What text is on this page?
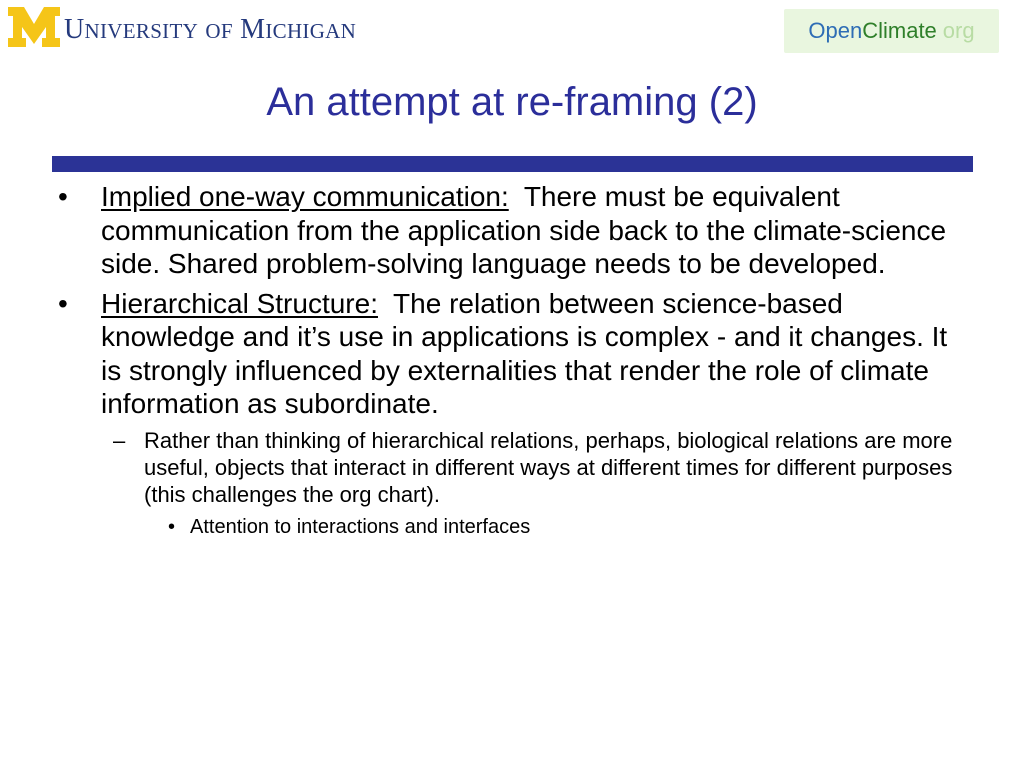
UNIVERSITY OF MICHIGAN	Open Climate org
An attempt at re-framing (2)
• Implied one-way communication: There must be equivalent communication from the application side back to the climate-science side. Shared problem-solving language needs to be developed.
• Hierarchical Structure: The relation between science-based knowledge and it’s use in applications is complex - and it changes. It is strongly influenced by externalities that render the role of climate information as subordinate.
– Rather than thinking of hierarchical relations, perhaps, biological relations are more useful, objects that interact in different ways at different times for different purposes (this challenges the org chart).
• Attention to interactions and interfaces
